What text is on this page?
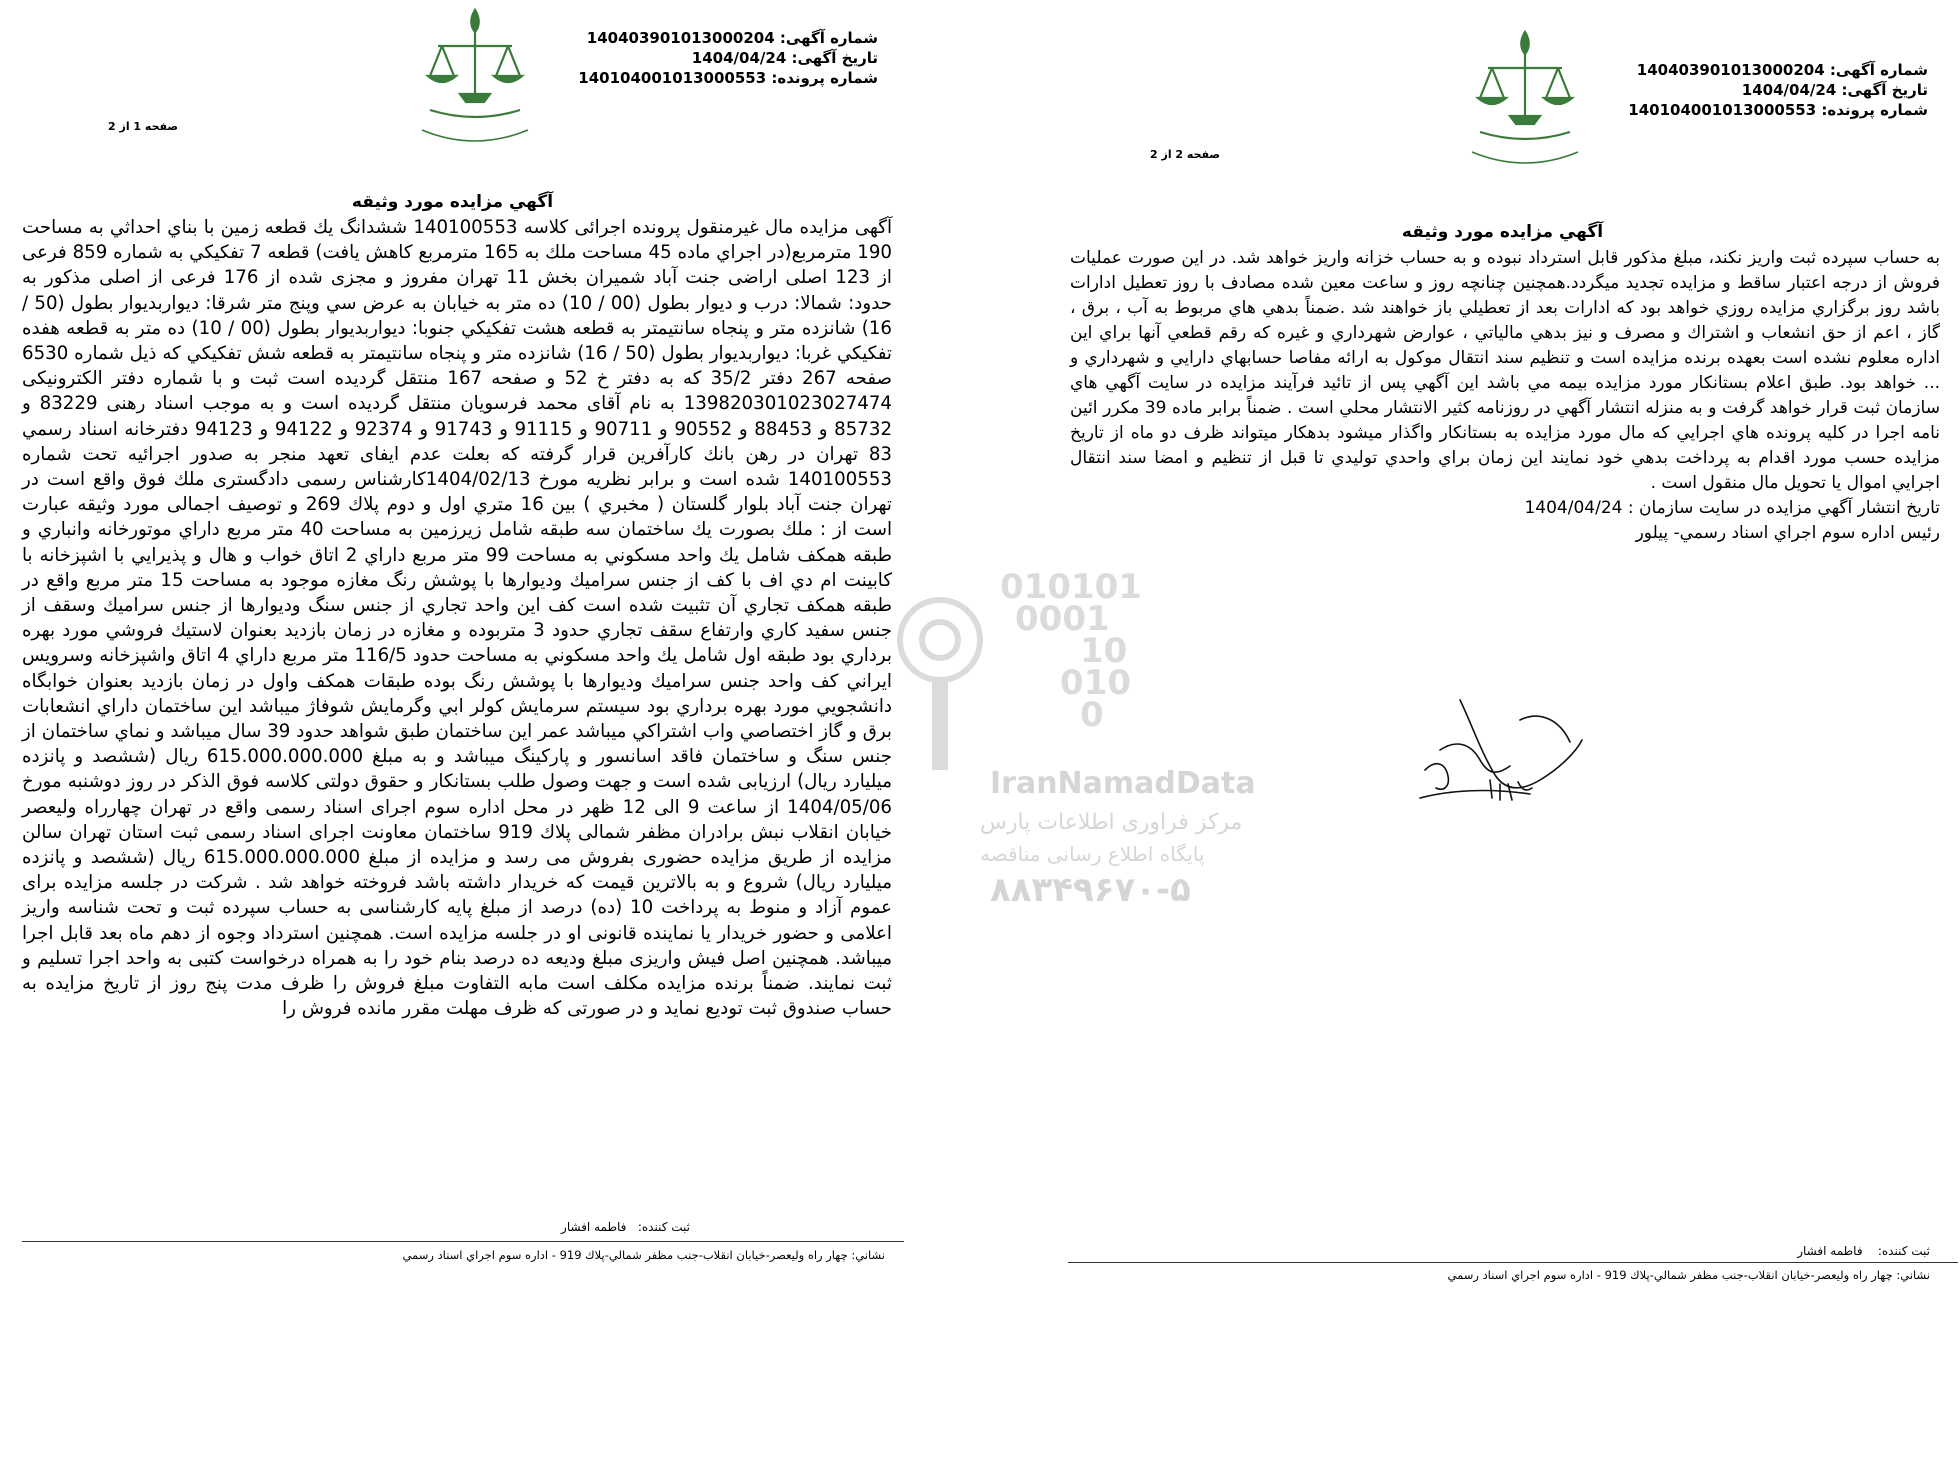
010101
0001
10
010
0
IranNamadData
مرکز فراوری اطلاعات پارس
پایگاه اطلاع رسانی مناقصه
۸۸۳۴۹۶۷۰-۵
شماره آگهی: 140403901013000204
تاریخ آگهی: 1404/04/24
شماره پرونده: 140104001013000553
صفحه 1 از 2
آگهي مزايده مورد وثيقه

آگهی مزايده مال غيرمنقول پرونده اجرائی كلاسه 140100553 ششدانگ يك قطعه زمين با بناي احداثي به مساحت 190 مترمربع(در اجراي ماده 45 مساحت ملك به 165 مترمربع كاهش يافت) قطعه 7 تفكيكي به شماره 859 فرعی از 123 اصلی اراضی جنت آباد شميران بخش 11 تهران مفروز و مجزی شده از 176 فرعی از اصلی مذكور به حدود: شمالا: درب و ديوار بطول (00 / 10) ده متر به خيابان به عرض سي وپنج متر شرقا: ديواربديوار بطول (50 / 16) شانزده متر و پنجاه سانتيمتر به قطعه هشت تفكيكي جنوبا: ديواربديوار بطول (00 / 10) ده متر به قطعه هفده تفكيكي غربا: ديواربديوار بطول (50 / 16) شانزده متر و پنجاه سانتيمتر به قطعه شش تفكيكي كه ذيل شماره 6530 صفحه 267 دفتر 35/2 كه به دفتر خ 52 و صفحه 167 منتقل گرديده است ثبت و با شماره دفتر الكترونيكی 139820301023027474 به نام آقای محمد فرسويان منتقل گرديده است و به موجب اسناد رهنی 83229 و 85732 و 88453 و 90552 و 90711 و 91115 و 91743 و 92374 و 94122 و 94123 دفترخانه اسناد رسمي 83 تهران در رهن بانك كارآفرين قرار گرفته كه بعلت عدم ايفاى تعهد منجر به صدور اجرائيه تحت شماره 140100553 شده است و برابر نظريه مورخ 1404/02/13كارشناس رسمی دادگستری ملك فوق واقع است در تهران جنت آباد بلوار گلستان ( مخبري ) بين 16 متري اول و دوم پلاك 269 و توصيف اجمالی مورد وثيقه عبارت است از : ملك بصورت يك ساختمان سه طبقه شامل زيرزمين به مساحت 40 متر مربع داراي موتورخانه وانباري و طبقه همكف شامل يك واحد مسكوني به مساحت 99 متر مربع داراي 2 اتاق خواب و هال و پذيرايي با اشپزخانه با كابينت ام دي اف با كف از جنس سراميك وديوارها با پوشش رنگ مغازه موجود به مساحت 15 متر مربع واقع در طبقه همكف تجاري آن تثبيت شده است كف اين واحد تجاري از جنس سنگ وديوارها از جنس سراميك وسقف از جنس سفيد كاري وارتفاع سقف تجاري حدود 3 متربوده و مغازه در زمان بازديد بعنوان لاستيك فروشي مورد بهره برداري بود طبقه اول شامل يك واحد مسكوني به مساحت حدود 116/5 متر مربع داراي 4 اتاق واشپزخانه وسرويس ايراني كف واحد جنس سراميك وديوارها با پوشش رنگ بوده طبقات همكف واول در زمان بازديد بعنوان خوابگاه دانشجويي مورد بهره برداري بود سيستم سرمايش كولر ابي وگرمايش شوفاژ ميباشد اين ساختمان داراي انشعابات برق و گاز اختصاصي واب اشتراكي ميباشد عمر اين ساختمان طبق شواهد حدود 39 سال ميباشد و نماي ساختمان از جنس سنگ و ساختمان فاقد اسانسور و پاركينگ ميباشد و به مبلغ 615.000.000.000 ريال (ششصد و پانزده ميليارد ريال) ارزيابی شده است و جهت وصول طلب بستانكار و حقوق دولتی كلاسه فوق الذكر در روز دوشنبه مورخ 1404/05/06 از ساعت 9 الی 12 ظهر در محل اداره سوم اجرای اسناد رسمی واقع در تهران چهارراه وليعصر خيابان انقلاب نبش برادران مظفر شمالی پلاك 919 ساختمان معاونت اجرای اسناد رسمی ثبت استان تهران سالن مزايده از طريق مزايده حضوری بفروش می رسد و مزايده از مبلغ 615.000.000.000 ريال (ششصد و پانزده ميليارد ريال) شروع و به بالاترين قيمت كه خريدار داشته باشد فروخته خواهد شد . شركت در جلسه مزايده برای عموم آزاد و منوط به پرداخت 10 (ده) درصد از مبلغ پايه كارشناسی به حساب سپرده ثبت و تحت شناسه واريز اعلامی و حضور خريدار يا نماينده قانونی او در جلسه مزايده است. همچنين استرداد وجوه از دهم ماه بعد قابل اجرا ميباشد. همچنين اصل فيش واريزی مبلغ وديعه ده درصد بنام خود را به همراه درخواست كتبی به واحد اجرا تسليم و ثبت نمايند. ضمناً برنده مزايده مكلف است مابه التفاوت مبلغ فروش را ظرف مدت پنج روز از تاريخ مزايده به حساب صندوق ثبت توديع نمايد و در صورتی كه ظرف مهلت مقرر مانده فروش را

ثبت كننده:   فاطمه افشار
نشاني: چهار راه وليعصر-خيابان انقلاب-جنب مظفر شمالي-پلاك 919 - اداره سوم اجراي اسناد رسمي
شماره آگهی: 140403901013000204
تاریخ آگهی: 1404/04/24
شماره پرونده: 140104001013000553
صفحه 2 از 2
آگهي مزايده مورد وثيقه

به حساب سپرده ثبت واريز نكند، مبلغ مذكور قابل استرداد نبوده و به حساب خزانه واريز خواهد شد. در اين صورت عمليات فروش از درجه اعتبار ساقط و مزايده تجديد ميگردد.همچنين چنانچه روز و ساعت معين شده مصادف با روز تعطيل ادارات باشد روز برگزاري مزايده روزي خواهد بود كه ادارات بعد از تعطيلي باز خواهند شد .ضمناً بدهي هاي مربوط به آب ، برق ، گاز ، اعم از حق انشعاب و اشتراك و مصرف و نيز بدهي مالياتي ، عوارض شهرداري و غيره كه رقم قطعي آنها براي اين اداره معلوم نشده است بعهده برنده مزايده است و تنظيم سند انتقال موكول به ارائه مفاصا حسابهاي دارايي و شهرداري و ... خواهد بود. طبق اعلام بستانكار مورد مزايده بيمه مي باشد اين آگهي پس از تائيد فرآيند مزايده در سايت آگهي هاي سازمان ثبت قرار خواهد گرفت و به منزله انتشار آگهي در روزنامه كثير الانتشار محلي است . ضمناً برابر ماده 39 مكرر ائين نامه اجرا در كليه پرونده هاي اجرايي كه مال مورد مزايده به بستانكار واگذار ميشود بدهكار ميتواند ظرف دو ماه از تاريخ مزايده حسب مورد اقدام به پرداخت بدهي خود نمايند اين زمان براي واحدي توليدي تا قبل از تنظيم و امضا سند انتقال اجرايي اموال يا تحويل مال منقول است .

تاريخ انتشار آگهي مزايده در سايت سازمان : 1404/04/24

رئيس اداره سوم اجراي اسناد رسمي- پيلور

ثبت كننده:    فاطمه افشار
نشاني: چهار راه وليعصر-خيابان انقلاب-جنب مظفر شمالي-پلاك 919 - اداره سوم اجراي اسناد رسمي
